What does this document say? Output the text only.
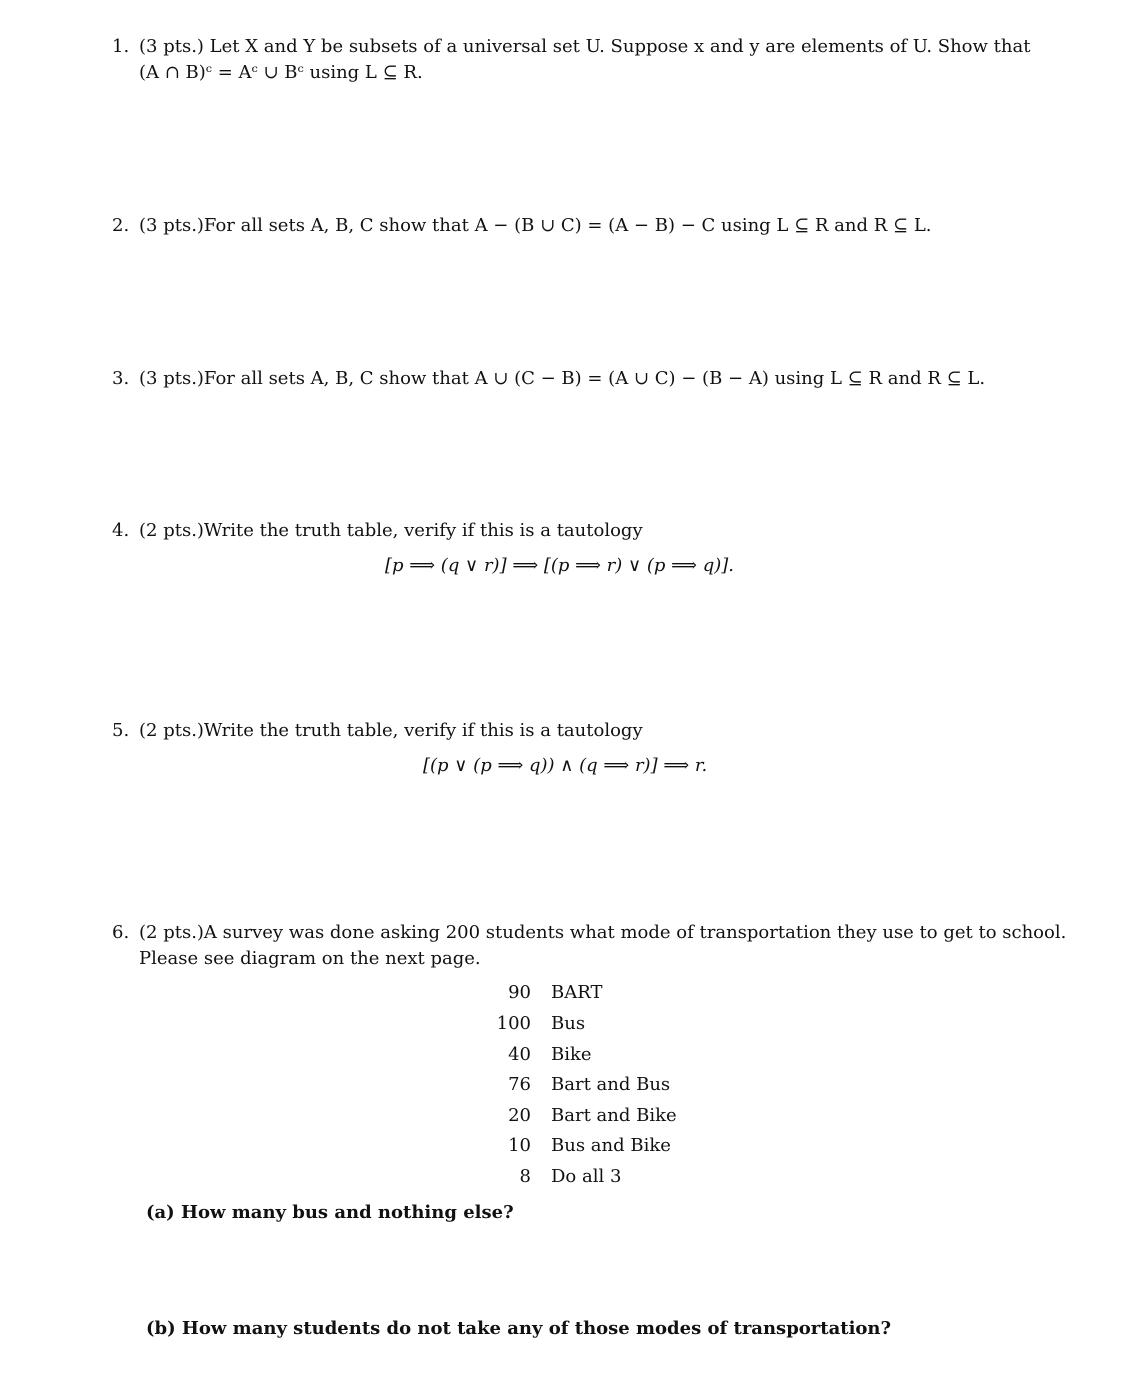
1. (3 pts.) Let X and Y be subsets of a universal set U. Suppose x and y are elements of U. Show that
(A ∩ B)ᶜ = Aᶜ ∪ Bᶜ using L ⊆ R.
2. (3 pts.)For all sets A, B, C show that A − (B ∪ C) = (A − B) − C using L ⊆ R and R ⊆ L.
3. (3 pts.)For all sets A, B, C show that A ∪ (C − B) = (A ∪ C) − (B − A) using L ⊆ R and R ⊆ L.
4. (2 pts.)Write the truth table, verify if this is a tautology
[p ⟹ (q ∨ r)] ⟹ [(p ⟹ r) ∨ (p ⟹ q)].
5. (2 pts.)Write the truth table, verify if this is a tautology
[(p ∨ (p ⟹ q)) ∧ (q ⟹ r)] ⟹ r.
6. (2 pts.)A survey was done asking 200 students what mode of transportation they use to get to school.
Please see diagram on the next page.
90 BART
100 Bus
40 Bike
76 Bart and Bus
20 Bart and Bike
10 Bus and Bike
8 Do all 3
(a) How many bus and nothing else?
(b) How many students do not take any of those modes of transportation?
